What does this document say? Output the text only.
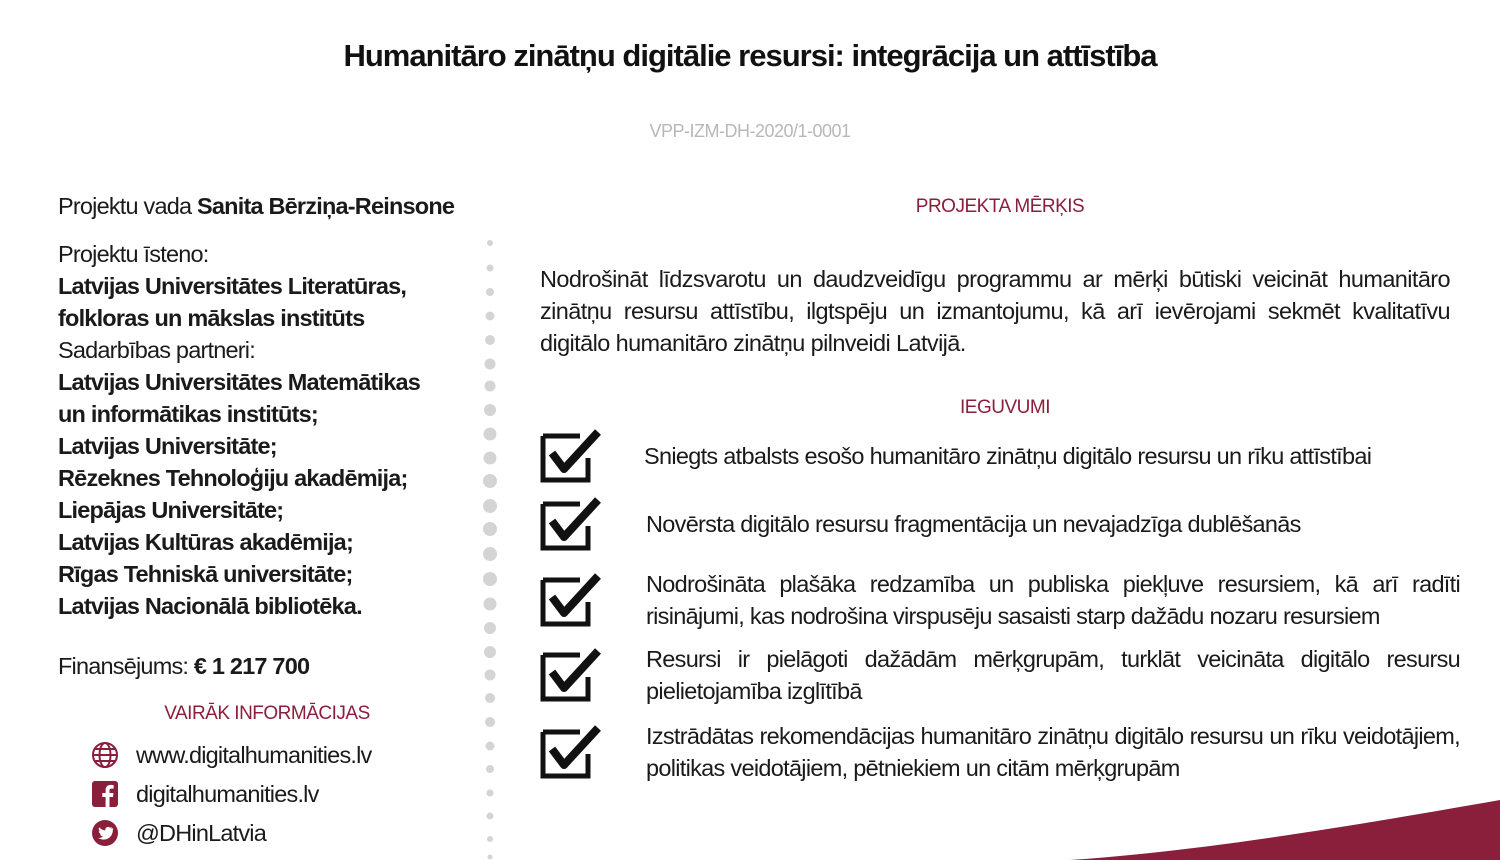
Humanitāro zinātņu digitālie resursi: integrācija un attīstība
VPP-IZM-DH-2020/1-0001
Projektu vada Sanita Bērziņa-Reinsone
Projektu īsteno:
Latvijas Universitātes Literatūras,
folkloras un mākslas institūts
Sadarbības partneri:
Latvijas Universitātes Matemātikas
un informātikas institūts;
Latvijas Universitāte;
Rēzeknes Tehnoloģiju akadēmija;
Liepājas Universitāte;
Latvijas Kultūras akadēmija;
Rīgas Tehniskā universitāte;
Latvijas Nacionālā bibliotēka.
Finansējums: € 1 217 700
VAIRĀK INFORMĀCIJAS
www.digitalhumanities.lv
digitalhumanities.lv
@DHinLatvia
PROJEKTA MĒRĶIS
Nodrošināt līdzsvarotu un daudzveidīgu programmu ar mērķi būtiski veicināt humanitāro zinātņu resursu attīstību, ilgtspēju un izmantojumu, kā arī ievērojami sekmēt kvalitatīvu digitālo humanitāro zinātņu pilnveidi Latvijā.
IEGUVUMI
Sniegts atbalsts esošo humanitāro zinātņu digitālo resursu un rīku attīstībai
Novērsta digitālo resursu fragmentācija un nevajadzīga dublēšanās
Nodrošināta plašāka redzamība un publiska piekļuve resursiem, kā arī radīti risinājumi, kas nodrošina virspusēju sasaisti starp dažādu nozaru resursiem
Resursi ir pielāgoti dažādām mērķgrupām, turklāt veicināta digitālo resursu pielietojamība izglītībā
Izstrādātas rekomendācijas humanitāro zinātņu digitālo resursu un rīku veidotājiem, politikas veidotājiem, pētniekiem un citām mērķgrupām
